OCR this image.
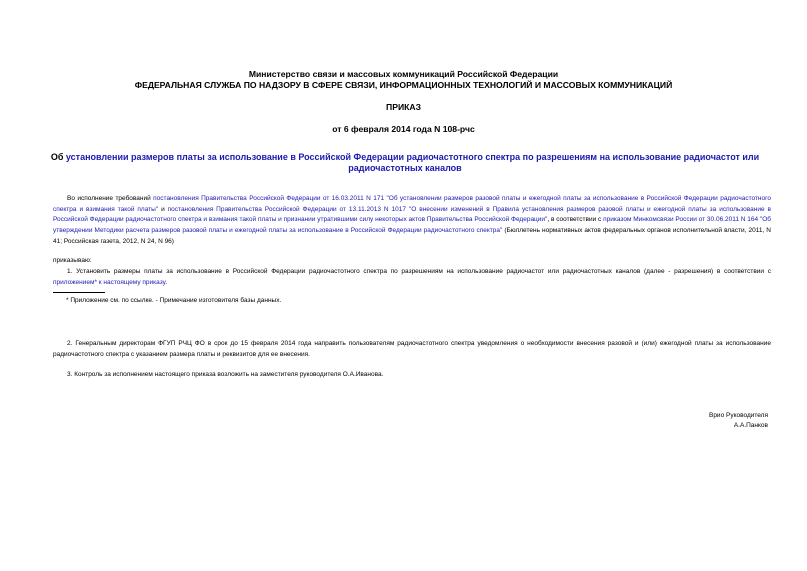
Министерство связи и массовых коммуникаций Российской Федерации
ФЕДЕРАЛЬНАЯ СЛУЖБА ПО НАДЗОРУ В СФЕРЕ СВЯЗИ, ИНФОРМАЦИОННЫХ ТЕХНОЛОГИЙ И МАССОВЫХ КОММУНИКАЦИЙ
ПРИКАЗ
от 6 февраля 2014 года N 108-рчс
Об установлении размеров платы за использование в Российской Федерации радиочастотного спектра по разрешениям на использование радиочастот или радиочастотных каналов
Во исполнение требований постановления Правительства Российской Федерации от 16.03.2011 N 171 "Об установлении размеров разовой платы и ежегодной платы за использование в Российской Федерации радиочастотного спектра и взимания такой платы" и постановления Правительства Российской Федерации от 13.11.2013 N 1017 "О внесении изменений в Правила установления размеров разовой платы и ежегодной платы за использование в Российской Федерации радиочастотного спектра и взимания такой платы и признании утратившими силу некоторых актов Правительства Российской Федерации", в соответствии с приказом Минкомсвязи России от 30.06.2011 N 164 "Об утверждении Методики расчета размеров разовой платы и ежегодной платы за использование в Российской Федерации радиочастотного спектра" (Бюллетень нормативных актов федеральных органов исполнительной власти, 2011, N 41; Российская газета, 2012, N 24, N 96)
приказываю:
1. Установить размеры платы за использование в Российской Федерации радиочастотного спектра по разрешениям на использование радиочастот или радиочастотных каналов (далее - разрешения) в соответствии с приложением* к настоящему приказу.
* Приложение см. по ссылке. - Примечание изготовителя базы данных.
2. Генеральным директорам ФГУП РЧЦ ФО в срок до 15 февраля 2014 года направить пользователям радиочастотного спектра уведомления о необходимости внесения разовой и (или) ежегодной платы за использование радиочастотного спектра с указанием размера платы и реквизитов для ее внесения.
3. Контроль за исполнением настоящего приказа возложить на заместителя руководителя О.А.Иванова.
Врио Руководителя
А.А.Панков
